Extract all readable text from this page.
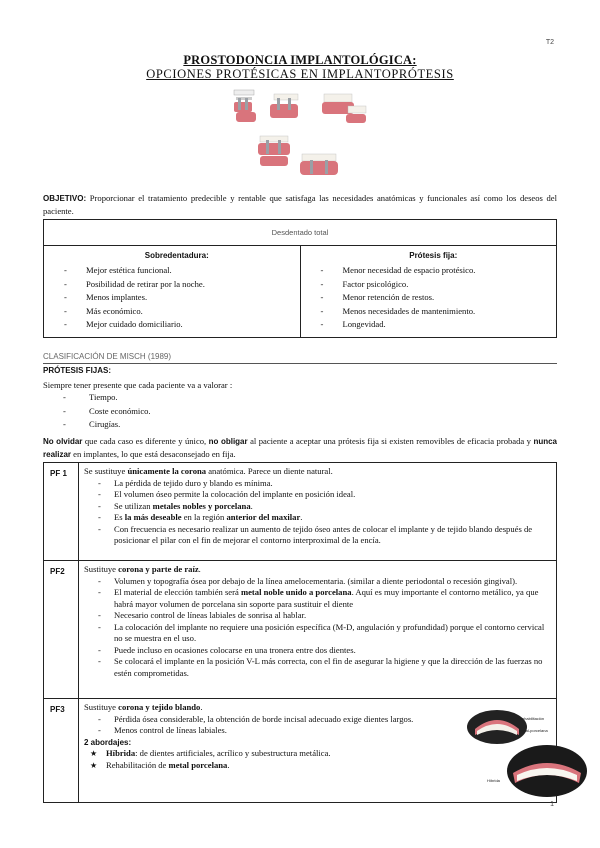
T2
PROSTODONCIA IMPLANTOLÓGICA:
OPCIONES PROTÉSICAS EN IMPLANTOPRÓTESIS
OBJETIVO: Proporcionar el tratamiento predecible y rentable que satisfaga las necesidades anatómicas y funcionales así como los deseos del paciente.
Desdentado total
Sobredentadura:
- Mejor estética funcional.
- Posibilidad de retirar por la noche.
- Menos implantes.
- Más económico.
- Mejor cuidado domiciliario.
Prótesis fija:
- Menor necesidad de espacio protésico.
- Factor psicológico.
- Menor retención de restos.
- Menos necesidades de mantenimiento.
- Longevidad.
CLASIFICACIÓN DE MISCH (1989)
PRÓTESIS FIJAS:
Siempre tener presente que cada paciente va a valorar :
- Tiempo.
- Coste económico.
- Cirugías.
No olvidar que cada caso es diferente y único, no obligar al paciente a aceptar una prótesis fija si existen removibles de eficacia probada y nunca realizar en implantes, lo que está desaconsejado en fija.
PF 1	Se sustituye únicamente la corona anatómica. Parece un diente natural.
- La pérdida de tejido duro y blando es mínima.
- El volumen óseo permite la colocación del implante en posición ideal.
- Se utilizan metales nobles y porcelana.
- Es la más deseable en la región anterior del maxilar.
- Con frecuencia es necesario realizar un aumento de tejido óseo antes de colocar el implante y de tejido blando después de posicionar el pilar con el fin de mejorar el contorno interproximal de la encía.
PF2	Sustituye corona y parte de raíz.
- Volumen y topografía ósea por debajo de la línea amelocementaria. (similar a diente periodontal o recesión gingival).
- El material de elección también será metal noble unido a porcelana. Aquí es muy importante el contorno metálico, ya que habrá mayor volumen de porcelana sin soporte para sustituir el diente
- Necesario control de líneas labiales de sonrisa al hablar.
- La colocación del implante no requiere una posición específica (M-D, angulación y profundidad) porque el contorno cervical no se muestra en el uso.
- Puede incluso en ocasiones colocarse en una tronera entre dos dientes.
- Se colocará el implante en la posición V-L más correcta, con el fin de asegurar la higiene y que la dirección de las fuerzas no estén comprometidas.
PF3	Sustituye corona y tejido blando.
- Pérdida ósea considerable, la obtención de borde incisal adecuado exige dientes largos.
- Menos control de líneas labiales.
2 abordajes:
★ Híbrida: de dientes artificiales, acrílico y subestructura metálica.
★ Rehabilitación de metal porcelana.
Rehabilitación metal-porcelana
Híbrida
1
